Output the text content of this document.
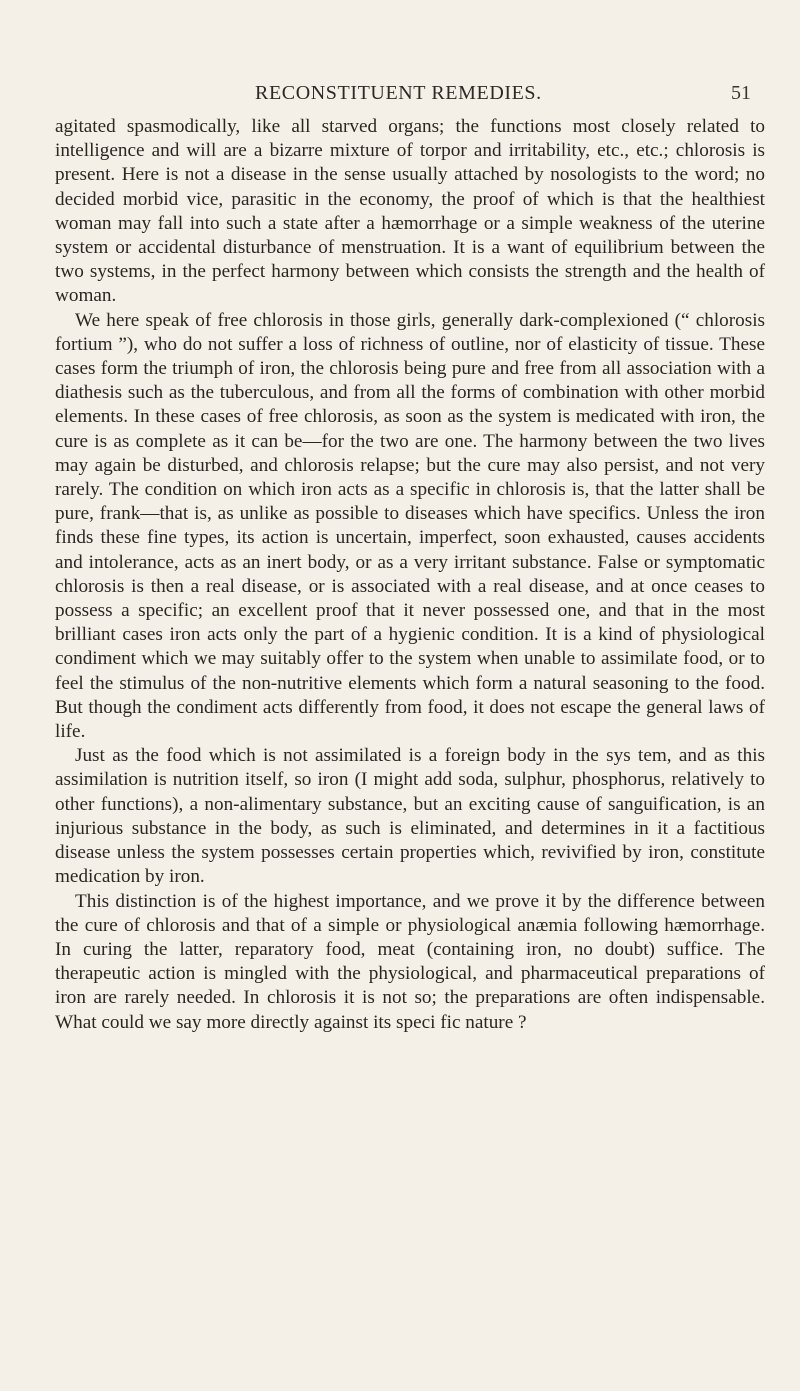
RECONSTITUENT REMEDIES.	51

agitated spasmodically, like all starved organs; the functions most closely related to intelligence and will are a bizarre mixture of torpor and irritability, etc., etc.; chlorosis is present. Here is not a disease in the sense usually attached by nosologists to the word; no decided morbid vice, parasitic in the economy, the proof of which is that the healthiest woman may fall into such a state after a hæmorrhage or a simple weakness of the uterine system or accidental disturbance of menstruation. It is a want of equilibrium between the two systems, in the perfect harmony between which consists the strength and the health of woman.

We here speak of free chlorosis in those girls, generally dark-complexioned (“ chlorosis fortium ”), who do not suffer a loss of richness of outline, nor of elasticity of tissue. These cases form the triumph of iron, the chlorosis being pure and free from all association with a diathesis such as the tuberculous, and from all the forms of combination with other morbid elements. In these cases of free chlorosis, as soon as the system is medicated with iron, the cure is as complete as it can be—for the two are one. The harmony between the two lives may again be disturbed, and chlorosis relapse; but the cure may also persist, and not very rarely. The condition on which iron acts as a specific in chlorosis is, that the latter shall be pure, frank—that is, as unlike as possible to diseases which have specifics. Unless the iron finds these fine types, its action is uncertain, imperfect, soon exhausted, causes accidents and intolerance, acts as an inert body, or as a very irritant substance. False or symptomatic chlorosis is then a real disease, or is associated with a real disease, and at once ceases to possess a specific; an excellent proof that it never possessed one, and that in the most brilliant cases iron acts only the part of a hygienic condition. It is a kind of physiological condiment which we may suitably offer to the system when unable to assimilate food, or to feel the stimulus of the non-nutritive elements which form a natural seasoning to the food. But though the condiment acts differently from food, it does not escape the general laws of life.

Just as the food which is not assimilated is a foreign body in the sys tem, and as this assimilation is nutrition itself, so iron (I might add soda, sulphur, phosphorus, relatively to other functions), a non-alimentary substance, but an exciting cause of sanguification, is an injurious substance in the body, as such is eliminated, and determines in it a factitious disease unless the system possesses certain properties which, revivified by iron, constitute medication by iron.

This distinction is of the highest importance, and we prove it by the difference between the cure of chlorosis and that of a simple or physiological anæmia following hæmorrhage. In curing the latter, reparatory food, meat (containing iron, no doubt) suffice. The therapeutic action is mingled with the physiological, and pharmaceutical preparations of iron are rarely needed. In chlorosis it is not so; the preparations are often indispensable. What could we say more directly against its speci fic nature ?
